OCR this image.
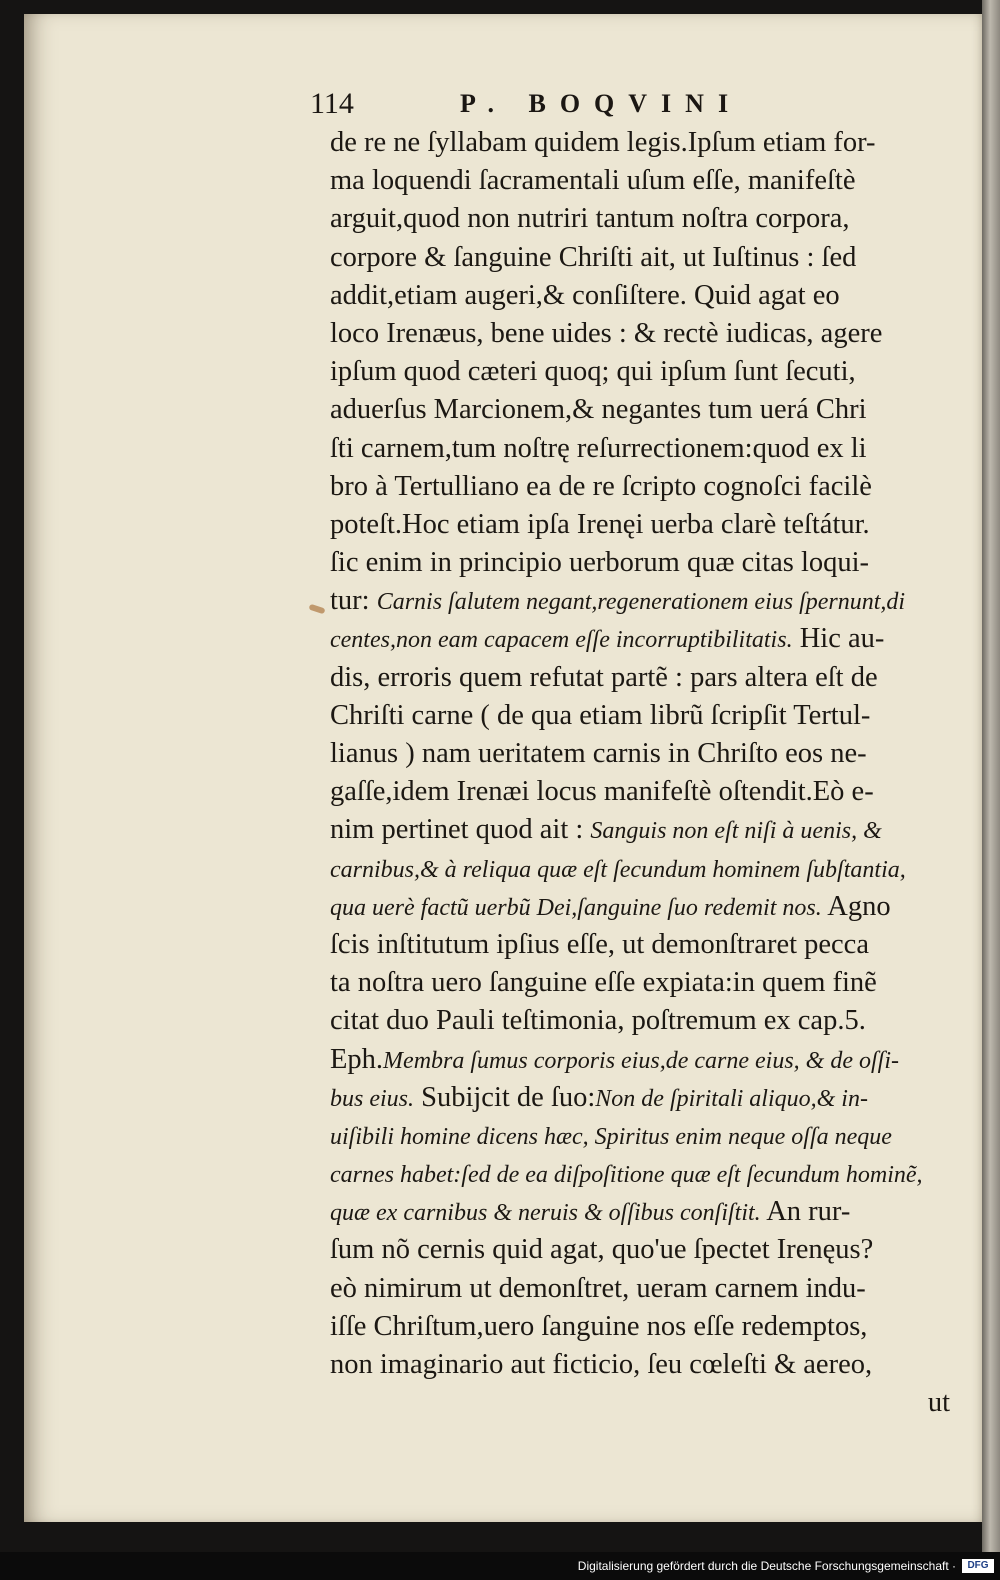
114	P. BOQVINI
de re ne ſyllabam quidem legis.Ipſum etiam for-
ma loquendi ſacramentali uſum eſſe, manifeſtè
arguit,quod non nutriri tantum noſtra corpora,
corpore & ſanguine Chriſti ait, ut Iuſtinus : ſed
addit,etiam augeri,& conſiſtere. Quid agat eo
loco Irenæus, bene uides : & rectè iudicas, agere
ipſum quod cæteri quoq; qui ipſum ſunt ſecuti,
aduerſus Marcionem,& negantes tum uerá Chri
ſti carnem,tum noſtrę reſurrectionem:quod ex li
bro à Tertulliano ea de re ſcripto cognoſci facilè
poteſt.Hoc etiam ipſa Irenęi uerba clarè teſtátur.
ſic enim in principio uerborum quæ citas loqui-
tur: Carnis ſalutem negant,regenerationem eius ſpernunt,di
centes,non eam capacem eſſe incorruptibilitatis. Hic au-
dis, erroris quem refutat partẽ : pars altera eſt de
Chriſti carne ( de qua etiam librũ ſcripſit Tertul-
lianus ) nam ueritatem carnis in Chriſto eos ne-
gaſſe,idem Irenæi locus manifeſtè oſtendit.Eò e-
nim pertinet quod ait : Sanguis non eſt niſi à uenis, &
carnibus,& à reliqua quæ eſt ſecundum hominem ſubſtantia,
qua uerè factũ uerbũ Dei,ſanguine ſuo redemit nos. Agno
ſcis inſtitutum ipſius eſſe, ut demonſtraret pecca
ta noſtra uero ſanguine eſſe expiata:in quem finẽ
citat duo Pauli teſtimonia, poſtremum ex cap.5.
Eph.Membra ſumus corporis eius,de carne eius, & de oſſi-
bus eius. Subijcit de ſuo:Non de ſpiritali aliquo,& in-
uiſibili homine dicens hæc, Spiritus enim neque oſſa neque
carnes habet:ſed de ea diſpoſitione quæ eſt ſecundum hominẽ,
quæ ex carnibus & neruis & oſſibus conſiſtit. An rur-
ſum nõ cernis quid agat, quo'ue ſpectet Irenęus?
eò nimirum ut demonſtret, ueram carnem indu-
iſſe Chriſtum,uero ſanguine nos eſſe redemptos,
non imaginario aut ficticio, ſeu cœleſti & aereo,
ut
Digitalisierung gefördert durch die Deutsche Forschungsgemeinschaft ·	DFG
